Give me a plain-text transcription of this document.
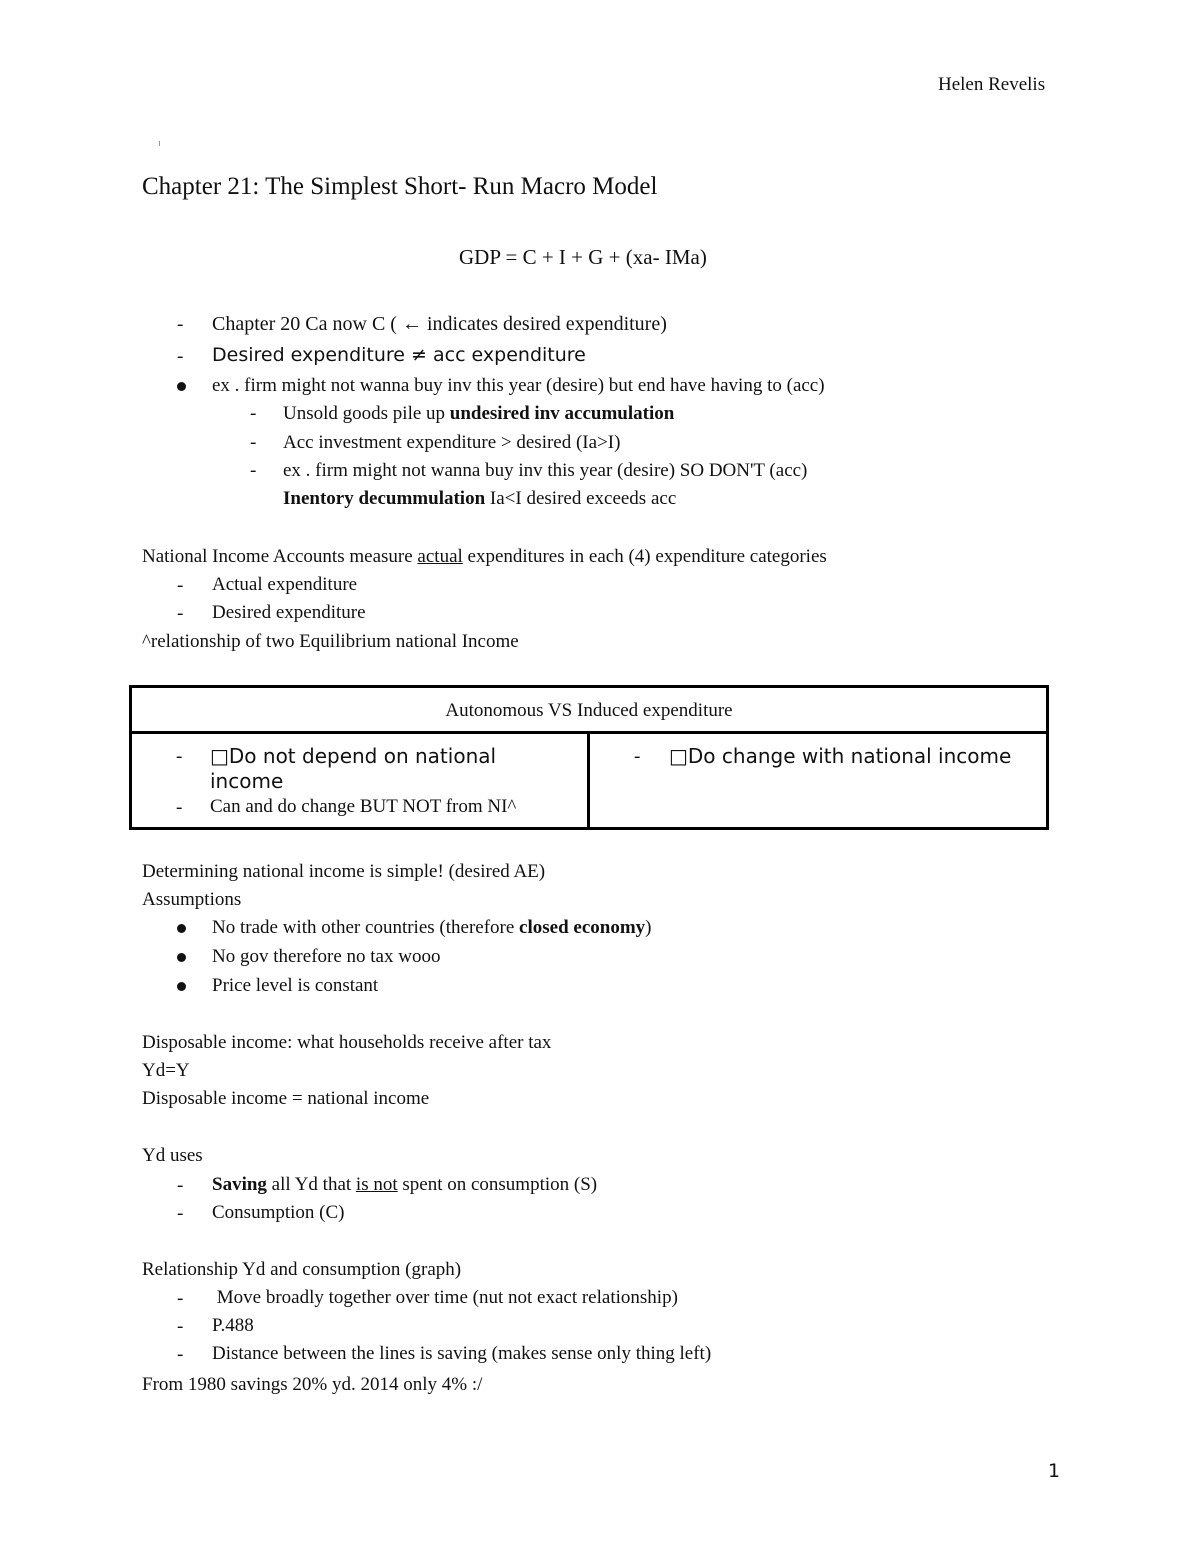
Helen Revelis
Chapter 21: The Simplest Short- Run Macro Model
GDP = C + I + G + (xa- IMa)
- Chapter 20 Ca now C ( ← indicates desired expenditure)
- Desired expenditure ≠ acc expenditure
ex . firm might not wanna buy inv this year (desire) but end have having to (acc)
- Unsold goods pile up undesired inv accumulation
- Acc investment expenditure > desired (Ia>I)
- ex . firm might not wanna buy inv this year (desire) SO DON'T (acc)
Inentory decummulation Ia<I desired exceeds acc
National Income Accounts measure actual expenditures in each (4) expenditure categories
- Actual expenditure
- Desired expenditure
^relationship of two Equilibrium national Income
Autonomous VS Induced expenditure
- □Do not depend on national
income
- Can and do change BUT NOT from NI^
- □Do change with national income
Determining national income is simple! (desired AE)
Assumptions
No trade with other countries (therefore closed economy)
No gov therefore no tax wooo
Price level is constant
Disposable income: what households receive after tax
Yd=Y
Disposable income = national income
Yd uses
- Saving all Yd that is not spent on consumption (S)
- Consumption (C)
Relationship Yd and consumption (graph)
- Move broadly together over time (nut not exact relationship)
- P.488
- Distance between the lines is saving (makes sense only thing left)
From 1980 savings 20% yd. 2014 only 4% :/
1
